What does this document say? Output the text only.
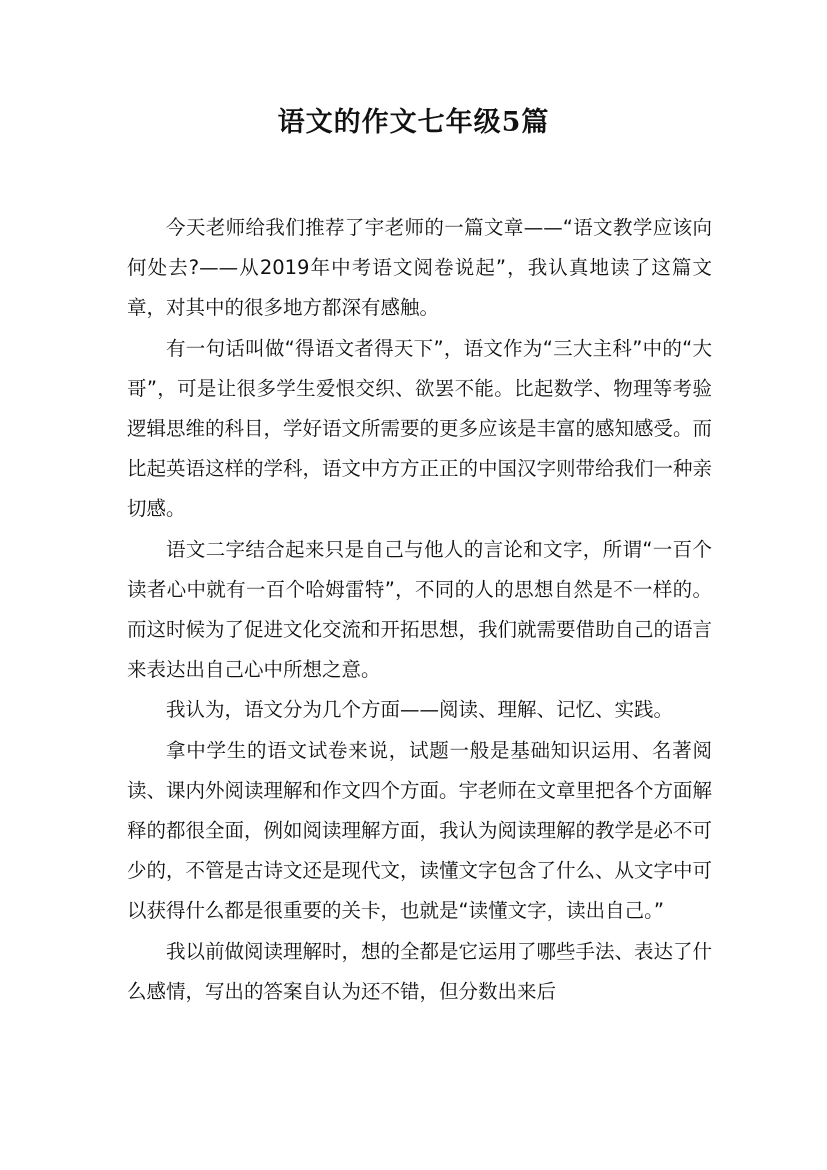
语文的作文七年级5篇

今天老师给我们推荐了宇老师的一篇文章——“语文教学应该向何处去?——从2019年中考语文阅卷说起”，我认真地读了这篇文章，对其中的很多地方都深有感触。

有一句话叫做“得语文者得天下”，语文作为“三大主科”中的“大哥”，可是让很多学生爱恨交织、欲罢不能。比起数学、物理等考验逻辑思维的科目，学好语文所需要的更多应该是丰富的感知感受。而比起英语这样的学科，语文中方方正正的中国汉字则带给我们一种亲切感。

语文二字结合起来只是自己与他人的言论和文字，所谓“一百个读者心中就有一百个哈姆雷特”，不同的人的思想自然是不一样的。而这时候为了促进文化交流和开拓思想，我们就需要借助自己的语言来表达出自己心中所想之意。

我认为，语文分为几个方面——阅读、理解、记忆、实践。

拿中学生的语文试卷来说，试题一般是基础知识运用、名著阅读、课内外阅读理解和作文四个方面。宇老师在文章里把各个方面解释的都很全面，例如阅读理解方面，我认为阅读理解的教学是必不可少的，不管是古诗文还是现代文，读懂文字包含了什么、从文字中可以获得什么都是很重要的关卡，也就是“读懂文字，读出自己。”

我以前做阅读理解时，想的全都是它运用了哪些手法、表达了什么感情，写出的答案自认为还不错，但分数出来后
